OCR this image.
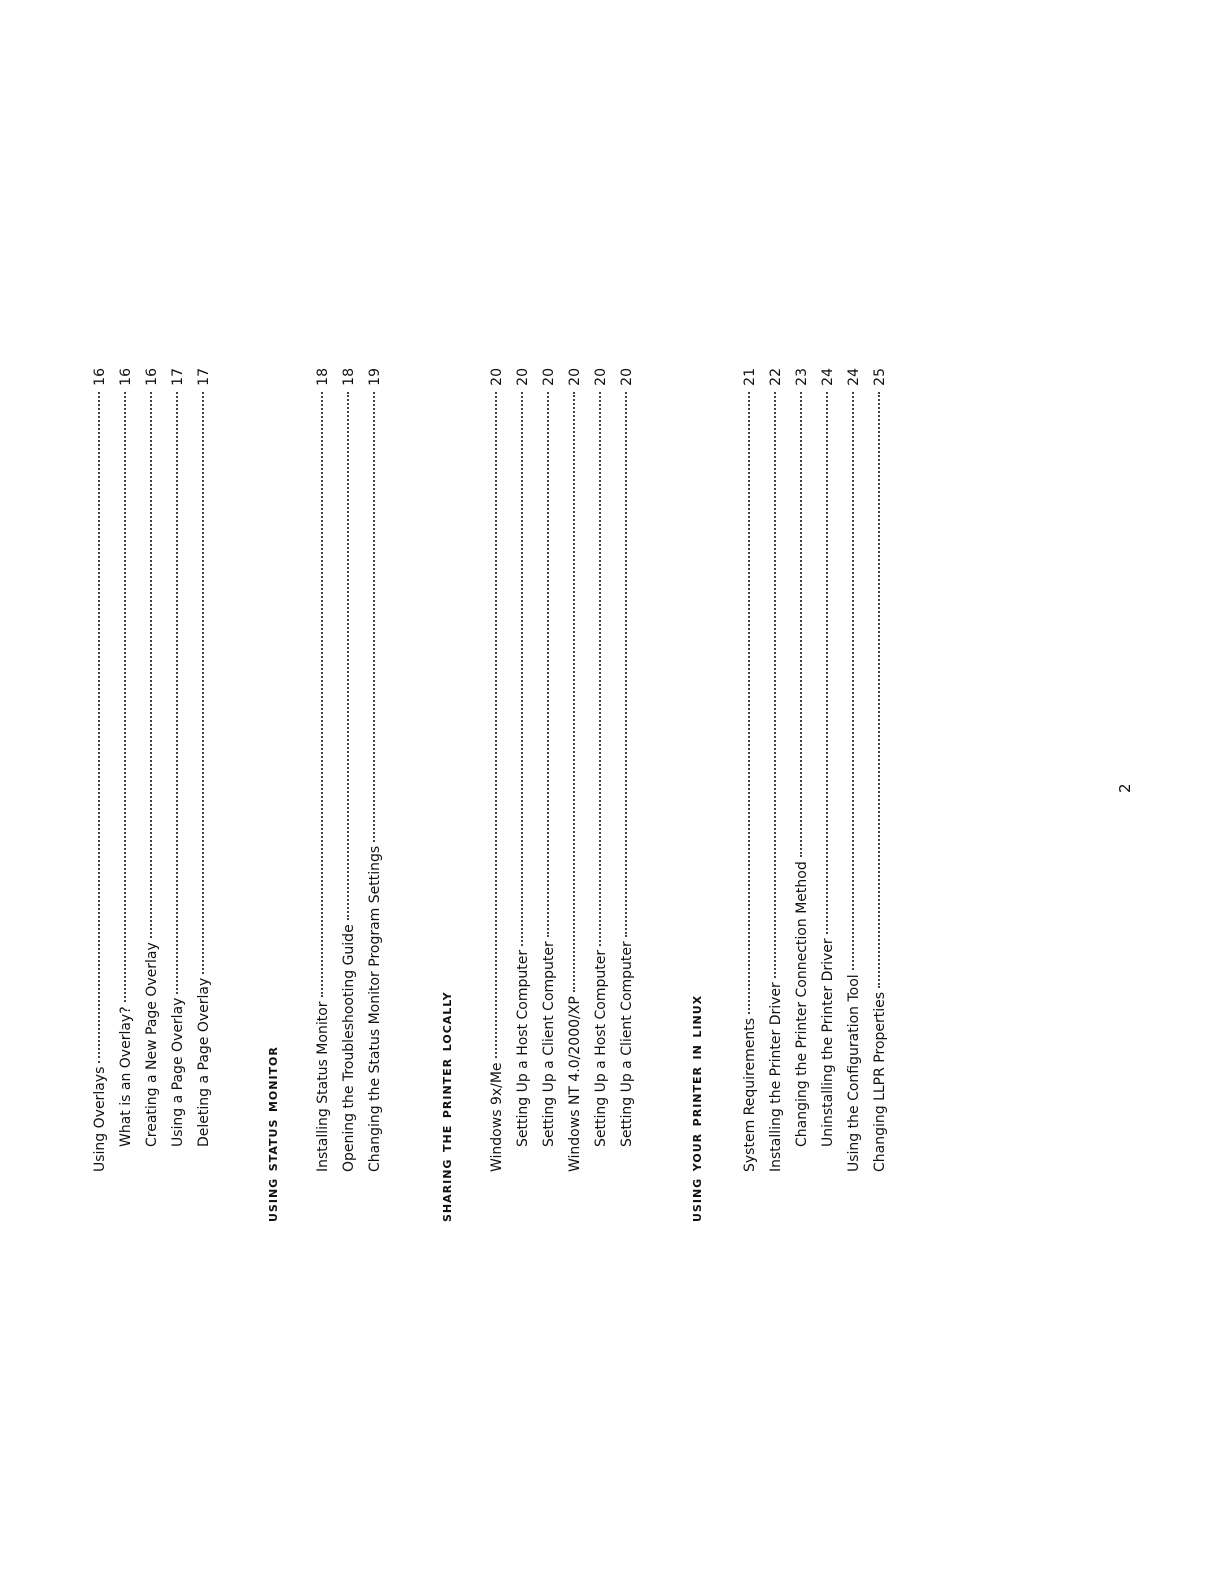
Using Overlays
16
What is an Overlay?
16
Creating a New Page Overlay
16
Using a Page Overlay
17
Deleting a Page Overlay
17
using status monitor	Installing Status Monitor
18
Opening the Troubleshooting Guide
18
Changing the Status Monitor Program Settings
19
sharing the printer locally
Windows 9x/Me
20
Setting Up a Host Computer
20
Setting Up a Client Computer
20
Windows NT 4.0/2000/XP
20
Setting Up a Host Computer
20
Setting Up a Client Computer
20
using your printer in linux
System Requirements
21
Installing the Printer Driver
22
Changing the Printer Connection Method
23
Uninstalling the Printer Driver
24
Using the Configuration Tool
24
Changing LLPR Properties
25
2
